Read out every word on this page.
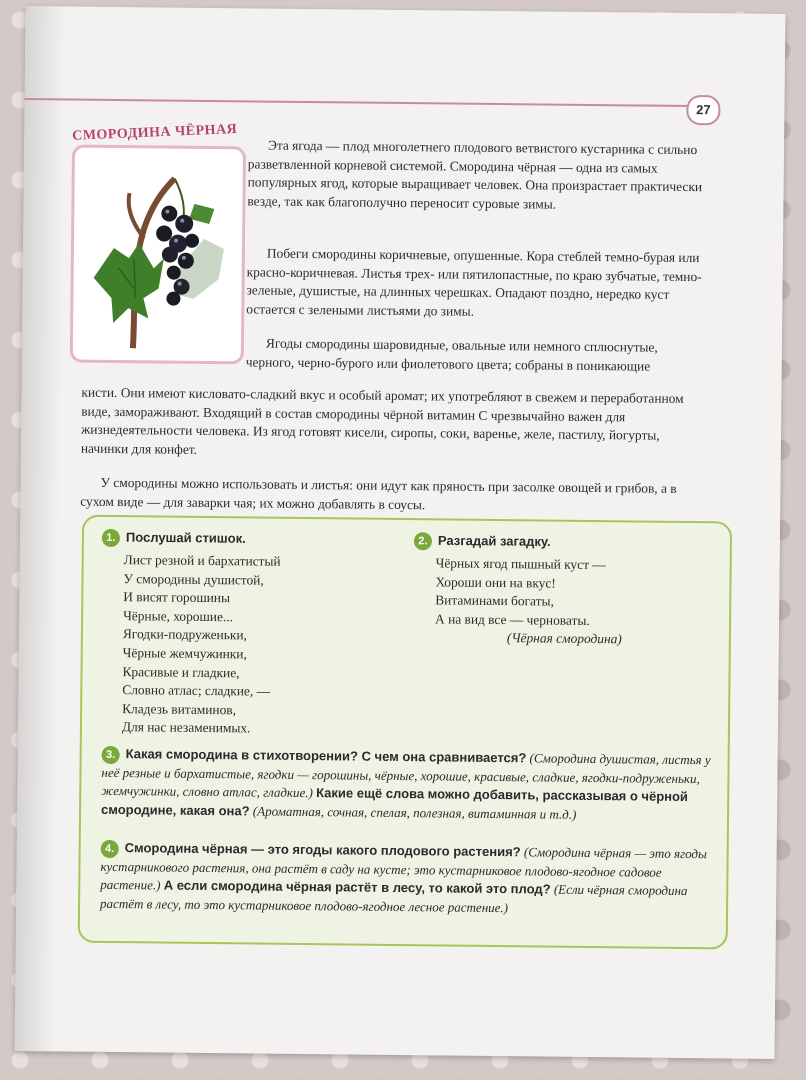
27
СМОРОДИНА ЧЁРНАЯ

Эта ягода — плод многолетнего плодового ветвистого кустарника с сильно разветвленной корневой системой. Смородина чёрная — одна из самых популярных ягод, которые выращивает человек. Она произрастает практически везде, так как благополучно переносит суровые зимы.

Побеги смородины коричневые, опушенные. Кора стеблей темно-бурая или красно-коричневая. Листья трех- или пятилопастные, по краю зубчатые, темно-зеленые, душистые, на длинных черешках. Опадают поздно, нередко куст остается с зелеными листьями до зимы.

Ягоды смородины шаровидные, овальные или немного сплюснутые, черного, черно-бурого или фиолетового цвета; собраны в поникающие

кисти. Они имеют кисловато-сладкий вкус и особый аромат; их употребляют в свежем и переработанном виде, замораживают. Входящий в состав смородины чёрной витамин С чрезвычайно важен для жизнедеятельности человека. Из ягод готовят кисели, сиропы, соки, варенье, желе, пастилу, йогурты, начинки для конфет.

У смородины можно использовать и листья: они идут как пряность при засолке овощей и грибов, а в сухом виде — для заварки чая; их можно добавлять в соусы.

1. Послушай стишок.
Лист резной и бархатистый
У смородины душистой,
И висят горошины
Чёрные, хорошие...
Ягодки-подруженьки,
Чёрные жемчужинки,
Красивые и гладкие,
Словно атлас; сладкие, —
Кладезь витаминов,
Для нас незаменимых.
2. Разгадай загадку.
Чёрных ягод пышный куст —
Хороши они на вкус!
Витаминами богаты,
А на вид все — черноваты.
(Чёрная смородина)

3. Какая смородина в стихотворении? С чем она сравнивается? (Смородина душистая, листья у неё резные и бархатистые, ягодки — горошины, чёрные, хорошие, красивые, сладкие, ягодки-подруженьки, жемчужинки, словно атлас, гладкие.) Какие ещё слова можно добавить, рассказывая о чёрной смородине, какая она? (Ароматная, сочная, спелая, полезная, витаминная и т.д.)

4. Смородина чёрная — это ягоды какого плодового растения? (Смородина чёрная — это ягоды кустарникового растения, она растёт в саду на кусте; это кустарниковое плодово-ягодное садовое растение.) А если смородина чёрная растёт в лесу, то какой это плод? (Если чёрная смородина растёт в лесу, то это кустарниковое плодово-ягодное лесное растение.)
